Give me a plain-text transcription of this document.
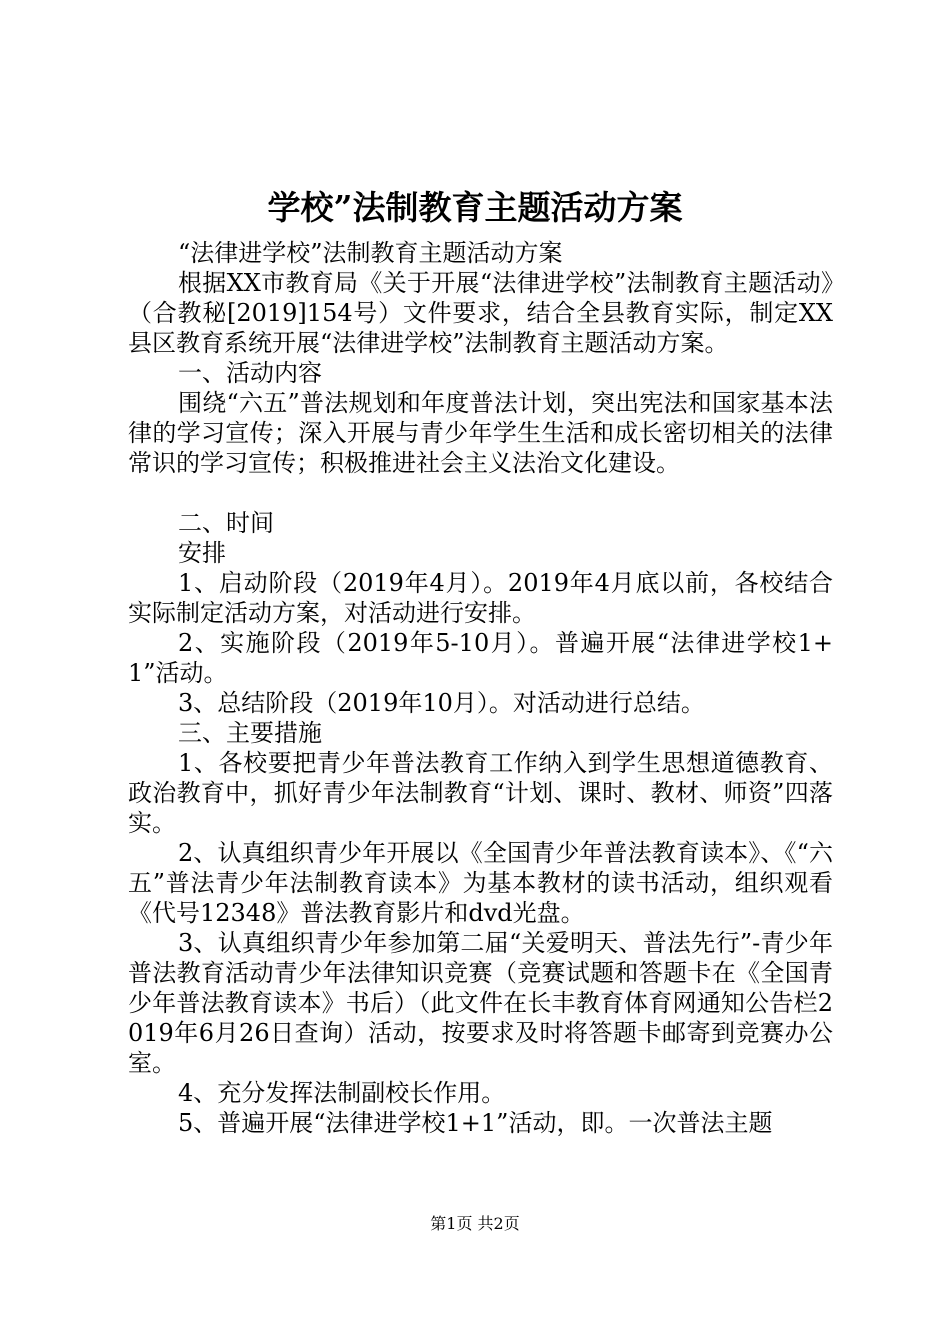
学校”法制教育主题活动方案

“法律进学校”法制教育主题活动方案

根据XX市教育局《关于开展“法律进学校”法制教育主题活动》（合教秘[2019]154号）文件要求，结合全县教育实际，制定XX县区教育系统开展“法律进学校”法制教育主题活动方案。

一、活动内容

围绕“六五”普法规划和年度普法计划，突出宪法和国家基本法律的学习宣传；深入开展与青少年学生生活和成长密切相关的法律常识的学习宣传；积极推进社会主义法治文化建设。

二、时间

安排

1、启动阶段（2019年4月）。2019年4月底以前，各校结合实际制定活动方案，对活动进行安排。

2、实施阶段（2019年5-10月）。普遍开展“法律进学校1+1”活动。

3、总结阶段（2019年10月）。对活动进行总结。

三、主要措施

1、各校要把青少年普法教育工作纳入到学生思想道德教育、政治教育中，抓好青少年法制教育“计划、课时、教材、师资”四落实。

2、认真组织青少年开展以《全国青少年普法教育读本》、《“六五”普法青少年法制教育读本》为基本教材的读书活动，组织观看《代号12348》普法教育影片和dvd光盘。

3、认真组织青少年参加第二届“关爱明天、普法先行”-青少年普法教育活动青少年法律知识竞赛（竞赛试题和答题卡在《全国青少年普法教育读本》书后）（此文件在长丰教育体育网通知公告栏2019年6月26日查询）活动，按要求及时将答题卡邮寄到竞赛办公室。

4、充分发挥法制副校长作用。

5、普遍开展“法律进学校1+1”活动，即。一次普法主题

第1页 共2页
